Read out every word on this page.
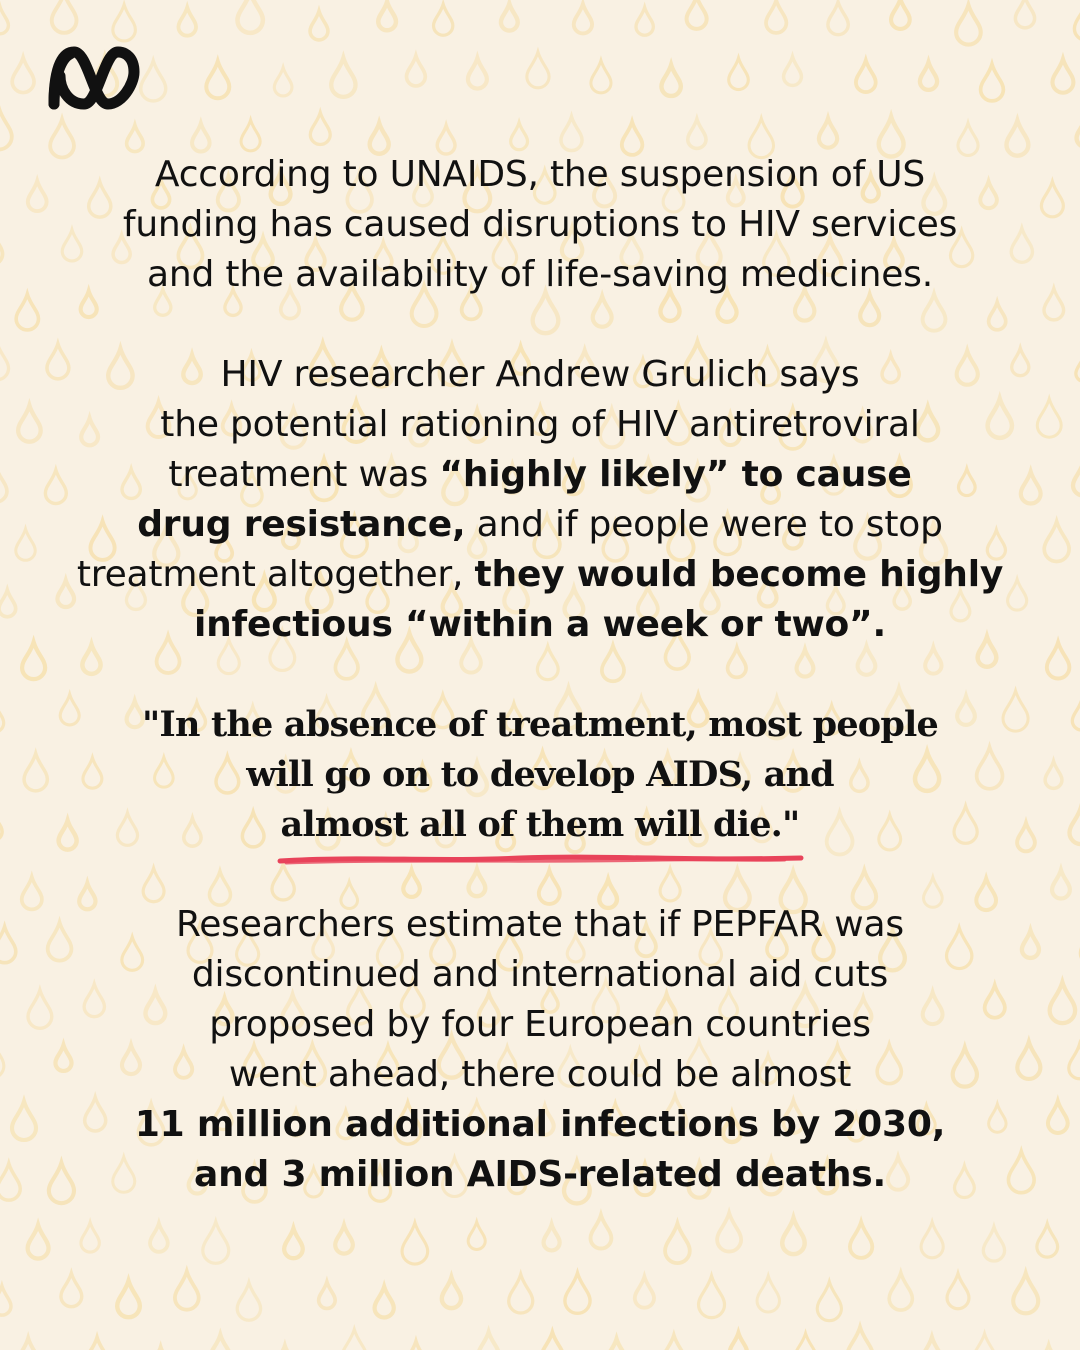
According to UNAIDS, the suspension of US
funding has caused disruptions to HIV services
and the availability of life-saving medicines.

HIV researcher Andrew Grulich says
the potential rationing of HIV antiretroviral
treatment was “highly likely” to cause
drug resistance, and if people were to stop
treatment altogether, they would become highly
infectious “within a week or two”.

"In the absence of treatment, most people
will go on to develop AIDS, and
almost all of them will die."

Researchers estimate that if PEPFAR was
discontinued and international aid cuts
proposed by four European countries
went ahead, there could be almost
11 million additional infections by 2030,
and 3 million AIDS-related deaths.
